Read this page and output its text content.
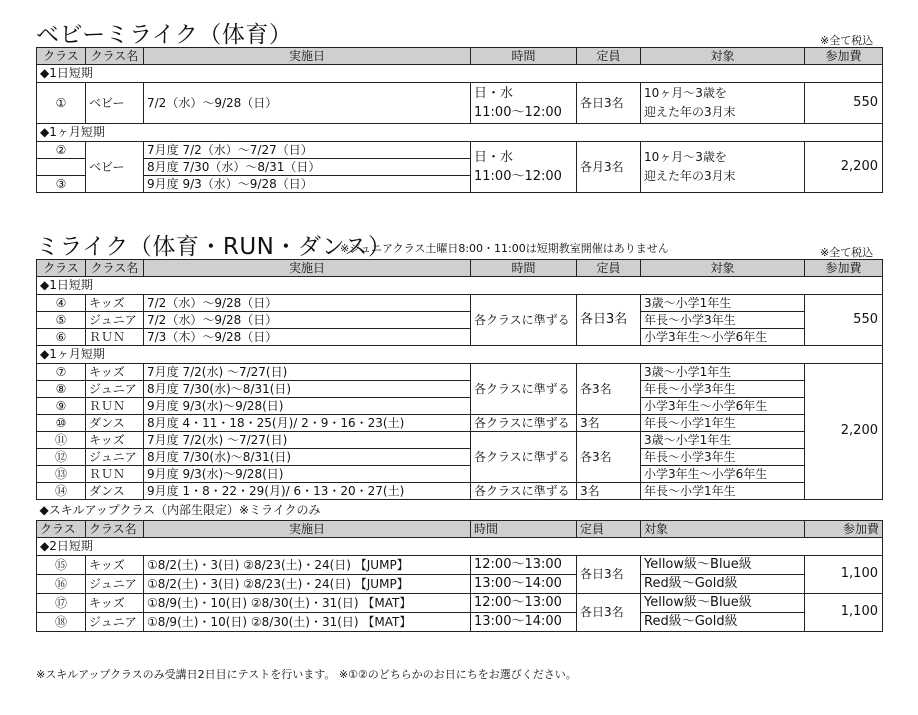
ベビーミライク（体育）	※全て税込
クラス	クラス名	実施日	時間	定員	対象	参加費
◆1日短期						
①	ベビー	7/2（水）～9/28（日）	日・水
11:00～12:00	各日3名	10ヶ月～3歳を
迎えた年の3月末	550
◆1ヶ月短期						
②	ベビー	7月度 7/2（水）～7/27（日）	日・水
11:00～12:00	各月3名	10ヶ月～3歳を
迎えた年の3月末	2,200
		8月度 7/30（水）～8/31（日）				
③		9月度 9/3（水）～9/28（日）				
ミライク（体育・RUN・ダンス）
※ジュニアクラス土曜日8:00・11:00は短期教室開催はありません	※全て税込
クラス	クラス名	実施日	時間	定員	対象	参加費
◆1日短期						
④	キッズ	7/2（水）～9/28（日）	各クラスに準ずる	各日3名	3歳～小学1年生	550
⑤	ジュニア	7/2（水）～9/28（日）			年長～小学3年生	
⑥	ＲＵＮ	7/3（木）～9/28（日）			小学3年生～小学6年生	
◆1ヶ月短期						
⑦	キッズ	7月度 7/2(水) ～7/27(日)	各クラスに準ずる	各3名	3歳～小学1年生	2,200
⑧	ジュニア	8月度 7/30(水)～8/31(日)			年長～小学3年生	
⑨	ＲＵＮ	9月度 9/3(水)～9/28(日)			小学3年生～小学6年生	
⑩	ダンス	8月度 4・11・18・25(月)/ 2・9・16・23(土)	各クラスに準ずる	3名	年長～小学1年生	
⑪	キッズ	7月度 7/2(水) ～7/27(日)	各クラスに準ずる	各3名	3歳～小学1年生	
⑫	ジュニア	8月度 7/30(水)～8/31(日)			年長～小学3年生	
⑬	ＲＵＮ	9月度 9/3(水)～9/28(日)			小学3年生～小学6年生	
⑭	ダンス	9月度 1・8・22・29(月)/ 6・13・20・27(土)	各クラスに準ずる	3名	年長～小学1年生	
◆スキルアップクラス（内部生限定）※ミライクのみ						
クラス	クラス名	実施日	時間	定員	対象	参加費
◆2日短期						
⑮	キッズ	①8/2(土)・3(日) ②8/23(土)・24(日) 【JUMP】	12:00～13:00	各日3名	Yellow級～Blue級	1,100
⑯	ジュニア	①8/2(土)・3(日) ②8/23(土)・24(日) 【JUMP】	13:00～14:00		Red級～Gold級	
⑰	キッズ	①8/9(土)・10(日) ②8/30(土)・31(日) 【MAT】	12:00～13:00	各日3名	Yellow級～Blue級	1,100
⑱	ジュニア	①8/9(土)・10(日) ②8/30(土)・31(日) 【MAT】	13:00～14:00		Red級～Gold級	
※スキルアップクラスのみ受講日2日目にテストを行います。 ※①②のどちらかのお日にちをお選びください。
